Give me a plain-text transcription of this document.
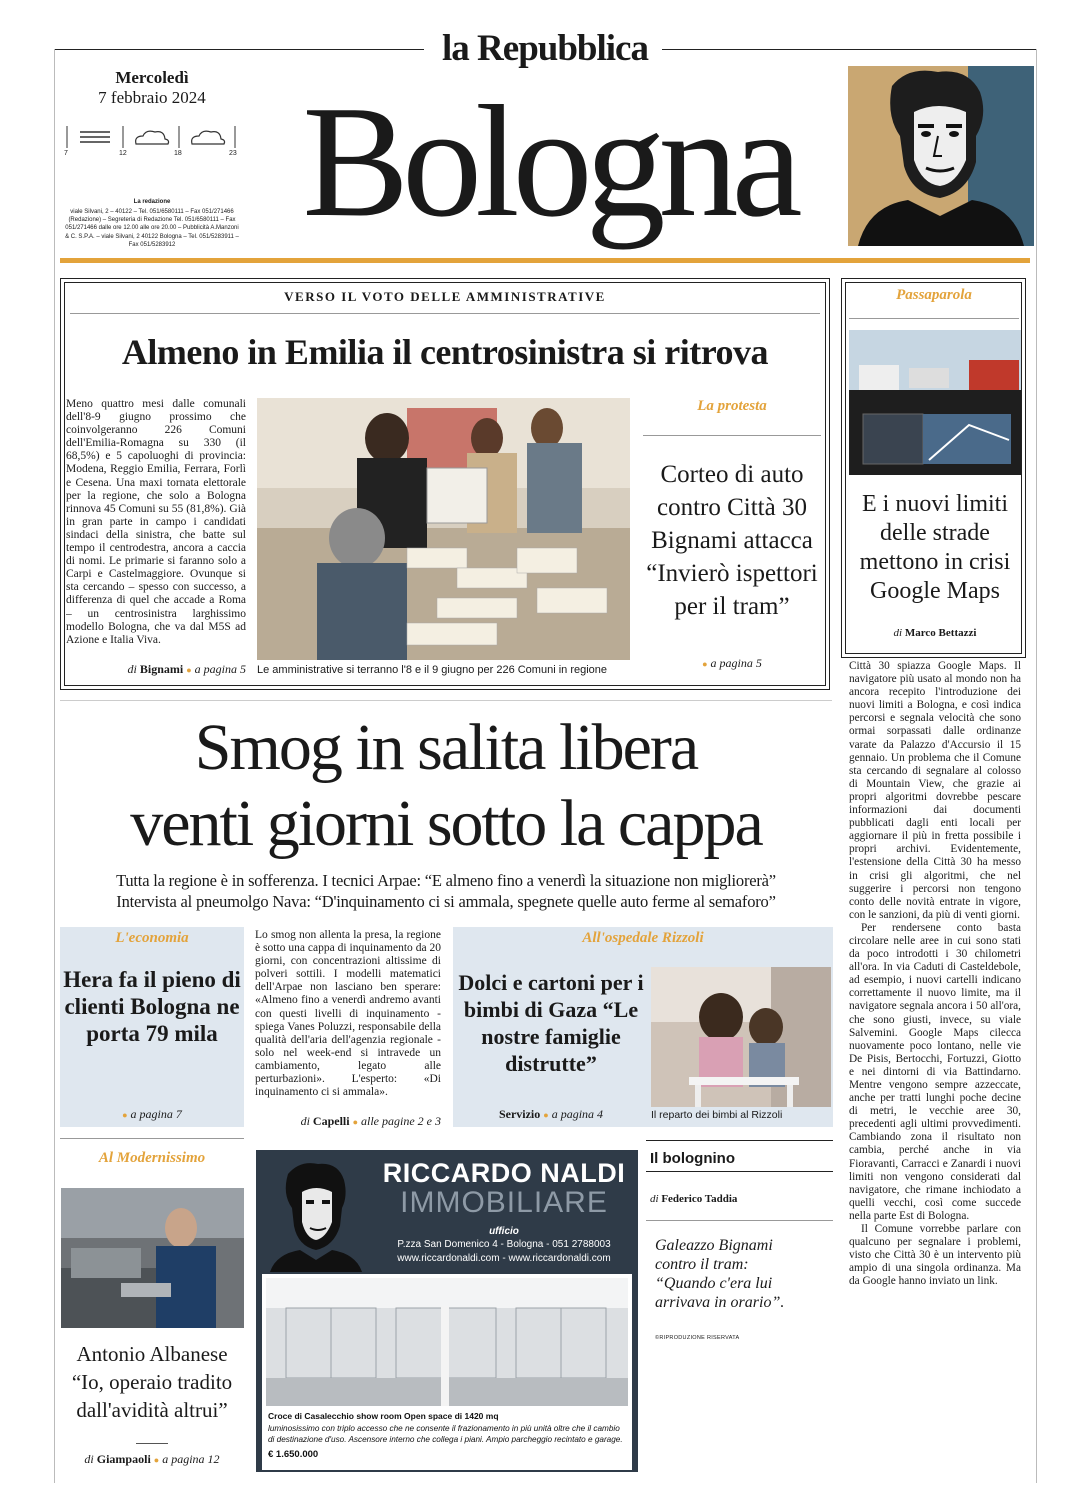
la Repubblica
Bologna
Mercoledì
7 febbraio 2024
7	12	18	23
La redazione
viale Silvani, 2 – 40122 – Tel. 051/6580111 – Fax 051/271466 (Redazione) – Segreteria di Redazione Tel. 051/6580111 – Fax 051/271466 dalle ore 12.00 alle ore 20.00 – Pubblicità A.Manzoni & C. S.P.A. – viale Silvani, 2 40122 Bologna – Tel. 051/5283911 – Fax 051/5283912
VERSO IL VOTO DELLE AMMINISTRATIVE
Almeno in Emilia il centrosinistra si ritrova
Meno quattro mesi dalle comunali dell'8-9 giugno prossimo che coinvolgeranno 226 Comuni dell'Emilia-Romagna su 330 (il 68,5%) e 5 capoluoghi di provincia: Modena, Reggio Emilia, Ferrara, Forlì e Cesena. Una maxi tornata elettorale per la regione, che solo a Bologna rinnova 45 Comuni su 55 (81,8%). Già in gran parte in campo i candidati sindaci della sinistra, che batte sul tempo il centrodestra, ancora a caccia di nomi. Le primarie si faranno solo a Carpi e Castelmaggiore. Ovunque si sta cercando – spesso con successo, a differenza di quel che accade a Roma – un centrosinistra larghissimo modello Bologna, che va dal M5S ad Azione e Italia Viva.
di Bignami ● a pagina 5 Le amministrative si terranno l'8 e il 9 giugno per 226 Comuni in regione
La protesta
Corteo di auto contro Città 30 Bignami attacca “Invierò ispettori per il tram”
● a pagina 5
Passaparola
E i nuovi limiti delle strade mettono in crisi Google Maps
di Marco Bettazzi

Città 30 spiazza Google Maps. Il navigatore più usato al mondo non ha ancora recepito l'introduzione dei nuovi limiti a Bologna, e così indica percorsi e segnala velocità che sono ormai sorpassati dalle ordinanze varate da Palazzo d'Accursio il 15 gennaio. Un problema che il Comune sta cercando di segnalare al colosso di Mountain View, che grazie ai propri algoritmi dovrebbe pescare informazioni dai documenti pubblicati dagli enti locali per aggiornare il più in fretta possibile i propri archivi. Evidentemente, l'estensione della Città 30 ha messo in crisi gli algoritmi, che nel suggerire i percorsi non tengono conto delle novità entrate in vigore, con le sanzioni, da più di venti giorni.

Per rendersene conto basta circolare nelle aree in cui sono stati da poco introdotti i 30 chilometri all'ora. In via Caduti di Casteldebole, ad esempio, i nuovi cartelli indicano correttamente il nuovo limite, ma il navigatore segnala ancora i 50 all'ora, che sono giusti, invece, su viale Salvemini. Google Maps cilecca nuovamente poco lontano, nelle vie De Pisis, Bertocchi, Fortuzzi, Giotto e nei dintorni di via Battindarno. Mentre vengono sempre azzeccate, anche per tratti lunghi poche decine di metri, le vecchie aree 30, precedenti agli ultimi provvedimenti. Cambiando zona il risultato non cambia, perché anche in via Fioravanti, Carracci e Zanardi i nuovi limiti non vengono considerati dal navigatore, che rimane inchiodato a quelli vecchi, così come succede nella parte Est di Bologna.

Il Comune vorrebbe parlare con qualcuno per segnalare i problemi, visto che Città 30 è un intervento più ampio di una singola ordinanza. Ma da Google hanno inviato un link.

Smog in salita libera
venti giorni sotto la cappa
Tutta la regione è in sofferenza. I tecnici Arpae: “E almeno fino a venerdì la situazione non migliorerà”
Intervista al pneumolgo Nava: “D'inquinamento ci si ammala, spegnete quelle auto ferme al semaforo”
L'economia
Hera fa il pieno di clienti Bologna ne porta 79 mila
● a pagina 7
Lo smog non allenta la presa, la regione è sotto una cappa di inquinamento da 20 giorni, con concentrazioni altissime di polveri sottili. I modelli matematici dell'Arpae non lasciano ben sperare: «Almeno fino a venerdì andremo avanti con questi livelli di inquinamento - spiega Vanes Poluzzi, responsabile della qualità dell'aria dell'agenzia regionale - solo nel week-end si intravede un cambiamento, legato alle perturbazioni». L'esperto: «Di inquinamento ci si ammala».
di Capelli ● alle pagine 2 e 3
All'ospedale Rizzoli
Dolci e cartoni per i bimbi di Gaza “Le nostre famiglie distrutte”
Servizio ● a pagina 4	Il reparto dei bimbi al Rizzoli
Al Modernissimo
Antonio Albanese “Io, operaio tradito dall'avidità altrui”
di Giampaoli ● a pagina 12
RICCARDO NALDI
IMMOBILIARE
ufficio
P.zza San Domenico 4 - Bologna - 051 2788003
www.riccardonaldi.com - www.riccardonaldi.com
Croce di Casalecchio show room Open space di 1420 mq
luminosissimo con triplo accesso che ne consente il frazionamento in più unità oltre che il cambio di destinazione d'uso. Ascensore interno che collega i piani. Ampio parcheggio recintato e garage.
€ 1.650.000
Il bolognino
di Federico Taddia
Galeazzo Bignami contro il tram: “Quando c'era lui arrivava in orario”.
©RIPRODUZIONE RISERVATA
